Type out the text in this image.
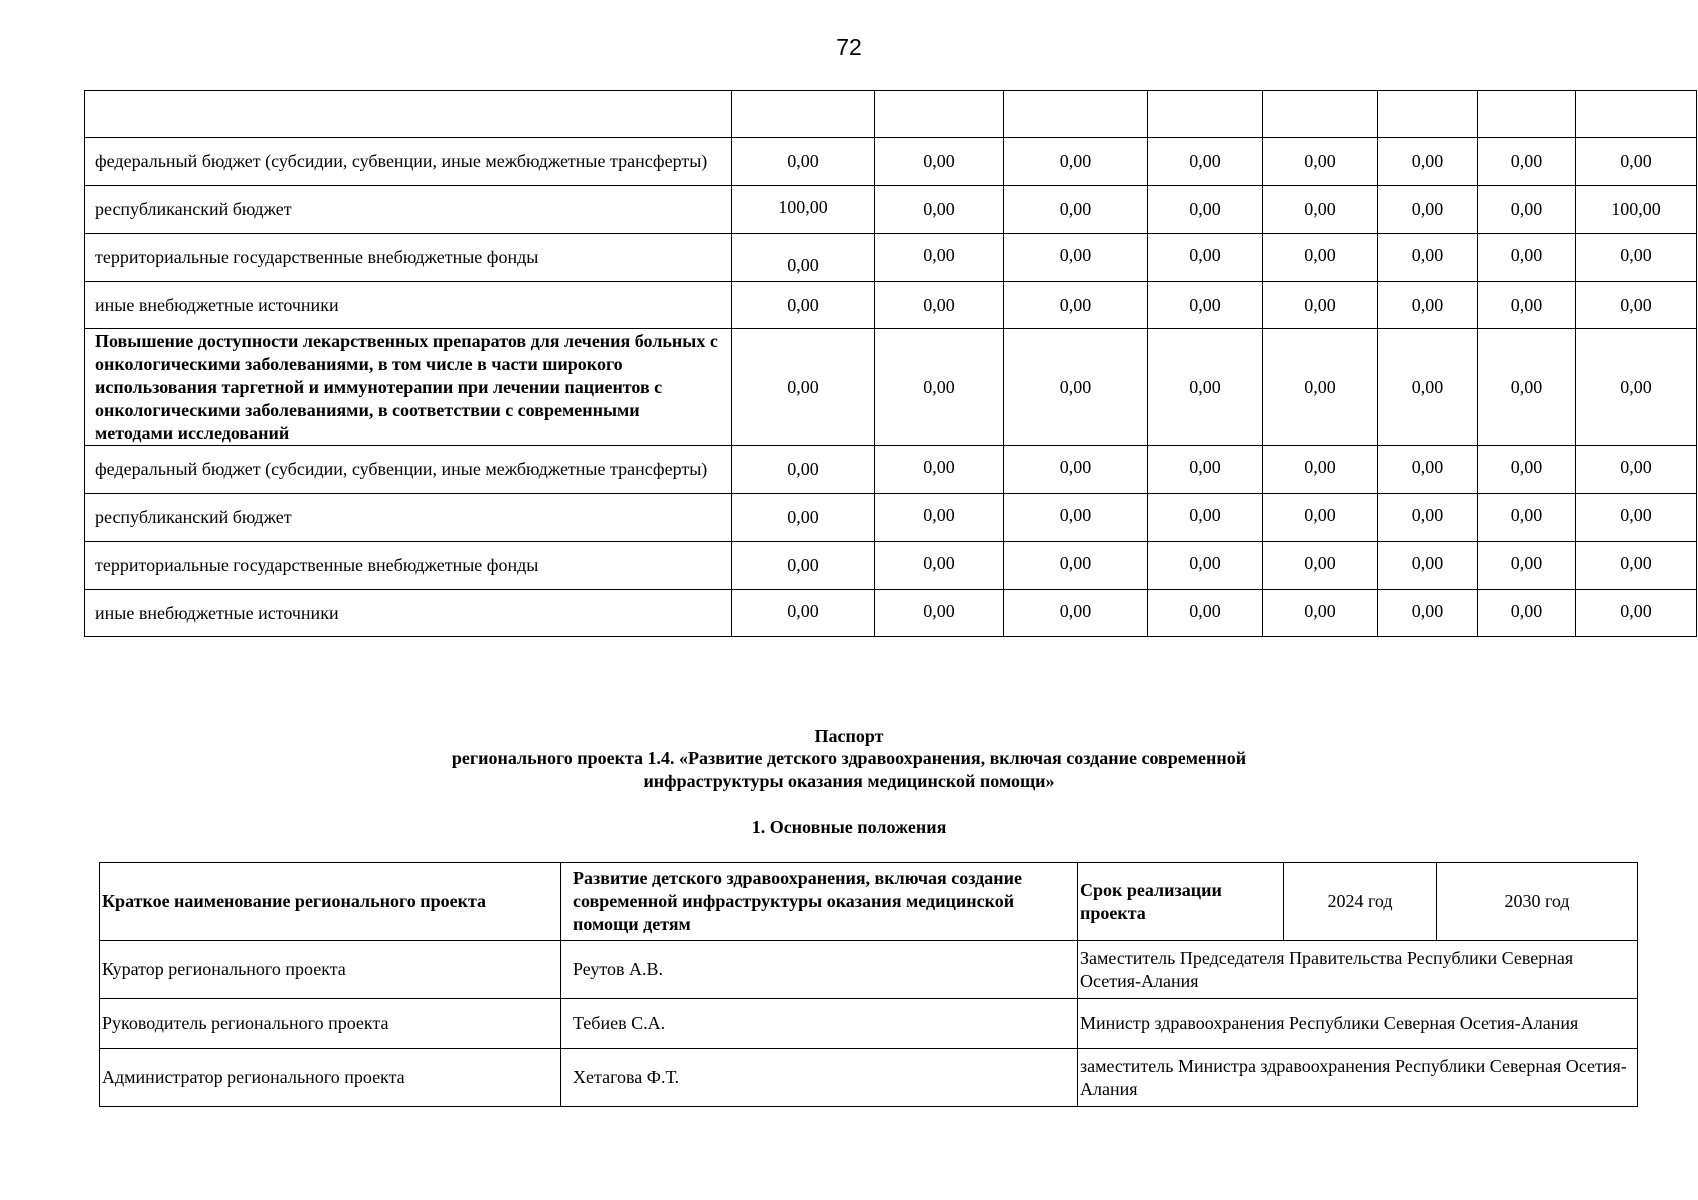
72

федеральный бюджет (субсидии, субвенции, иные межбюджетные трансферты)	0,00	0,00	0,00	0,00	0,00	0,00	0,00	0,00
республиканский бюджет	100,00	0,00	0,00	0,00	0,00	0,00	0,00	100,00
территориальные государственные внебюджетные фонды	0,00	0,00	0,00	0,00	0,00	0,00	0,00	0,00
иные внебюджетные источники	0,00	0,00	0,00	0,00	0,00	0,00	0,00	0,00
Повышение доступности лекарственных препаратов для лечения больных с онкологическими заболеваниями, в том числе в части широкого использования таргетной и иммунотерапии при лечении пациентов с онкологическими заболеваниями, в соответствии с современными методами исследований	0,00	0,00	0,00	0,00	0,00	0,00	0,00	0,00
федеральный бюджет (субсидии, субвенции, иные межбюджетные трансферты)	0,00	0,00	0,00	0,00	0,00	0,00	0,00	0,00
республиканский бюджет	0,00	0,00	0,00	0,00	0,00	0,00	0,00	0,00
территориальные государственные внебюджетные фонды	0,00	0,00	0,00	0,00	0,00	0,00	0,00	0,00
иные внебюджетные источники	0,00	0,00	0,00	0,00	0,00	0,00	0,00	0,00
Паспорт
регионального проекта 1.4. «Развитие детского здравоохранения, включая создание современной
инфраструктуры оказания медицинской помощи»
1. Основные положения
Краткое наименование регионального проекта	Развитие детского здравоохранения, включая создание современной инфраструктуры оказания медицинской помощи детям	Срок реализации проекта	2024 год	2030 год
Куратор регионального проекта	Реутов А.В.	Заместитель Председателя Правительства Республики Северная Осетия-Алания		
Руководитель регионального проекта	Тебиев С.А.	Министр здравоохранения Республики Северная Осетия-Алания		
Администратор регионального проекта	Хетагова Ф.Т.	заместитель Министра здравоохранения Республики Северная Осетия-Алания		
